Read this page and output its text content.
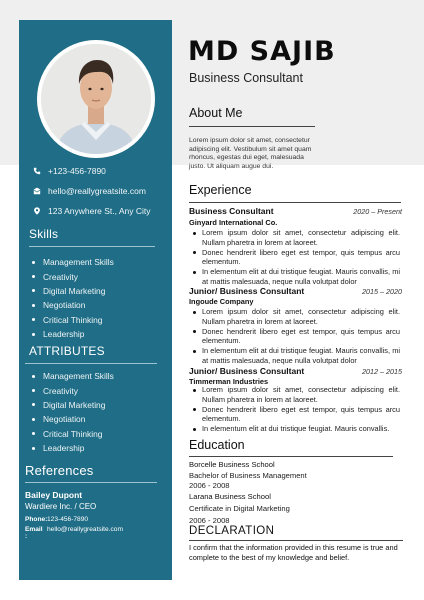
+123-456-7890
hello@reallygreatsite.com
123 Anywhere St., Any City
Skills
Management Skills
Creativity
Digital Marketing
Negotiation
Critical Thinking
Leadership
ATTRIBUTES
Management Skills
Creativity
Digital Marketing
Negotiation
Critical Thinking
Leadership
References
Bailey Dupont
Wardiere Inc. / CEO
Phone: 123-456-7890
Email :
hello@reallygreatsite.com
MD SAJIB
Business Consultant
About Me
Lorem ipsum dolor sit amet, consectetur adipiscing elit. Vestibulum sit amet quam rhoncus, egestas dui eget, malesuada justo. Ut aliquam augue dui.
Experience
Business Consultant	2020 – Present
Ginyard International Co.
Lorem ipsum dolor sit amet, consectetur adipiscing elit. Nullam pharetra in lorem at laoreet.
Donec hendrerit libero eget est tempor, quis tempus arcu elementum.
In elementum elit at dui tristique feugiat. Mauris convallis, mi at mattis malesuada, neque nulla volutpat dolor
Junior/ Business Consultant	2015 – 2020
Ingoude Company
Lorem ipsum dolor sit amet, consectetur adipiscing elit. Nullam pharetra in lorem at laoreet.
Donec hendrerit libero eget est tempor, quis tempus arcu elementum.
In elementum elit at dui tristique feugiat. Mauris convallis, mi at mattis malesuada, neque nulla volutpat dolor
Junior/ Business Consultant	2012 – 2015
Timmerman Industries
Lorem ipsum dolor sit amet, consectetur adipiscing elit. Nullam pharetra in lorem at laoreet.
Donec hendrerit libero eget est tempor, quis tempus arcu elementum.
In elementum elit at dui tristique feugiat. Mauris convallis.
Education
Borcelle Business School
Bachelor of Business Management
2006 - 2008
Larana Business School
Certificate in Digital Marketing
2006 - 2008
DECLARATION
I confirm that the information provided in this resume is true and complete to the best of my knowledge and belief.
